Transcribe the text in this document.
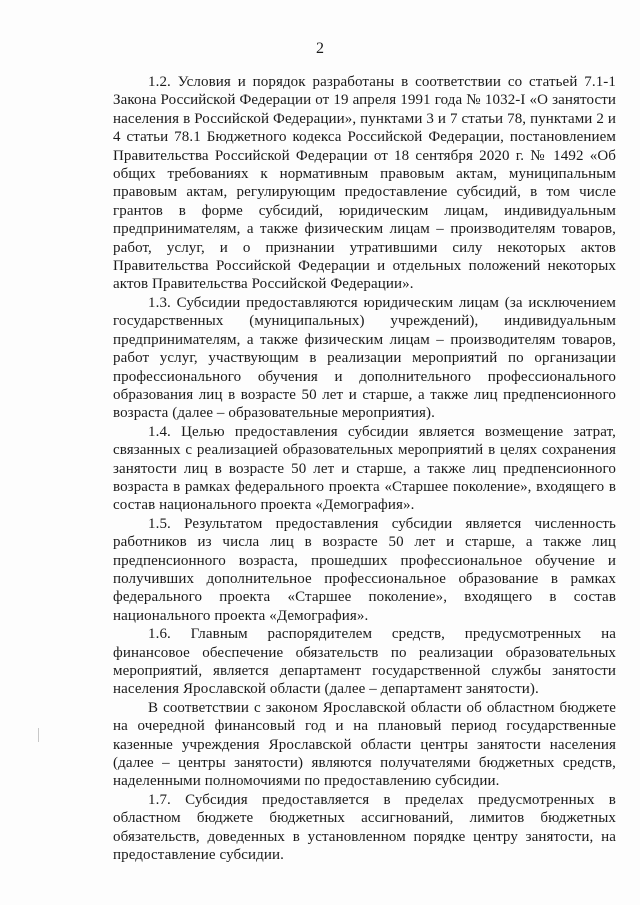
2

1.2. Условия и порядок разработаны в соответствии со статьей 7.1-1 Закона Российской Федерации от 19 апреля 1991 года № 1032-I «О занятости населения в Российской Федерации», пунктами 3 и 7 статьи 78, пунктами 2 и 4 статьи 78.1 Бюджетного кодекса Российской Федерации, постановлением Правительства Российской Федерации от 18 сентября 2020 г. № 1492 «Об общих требованиях к нормативным правовым актам, муниципальным правовым актам, регулирующим предоставление субсидий, в том числе грантов в форме субсидий, юридическим лицам, индивидуальным предпринимателям, а также физическим лицам – производителям товаров, работ, услуг, и о признании утратившими силу некоторых актов Правительства Российской Федерации и отдельных положений некоторых актов Правительства Российской Федерации».

1.3. Субсидии предоставляются юридическим лицам (за исключением государственных (муниципальных) учреждений), индивидуальным предпринимателям, а также физическим лицам – производителям товаров, работ услуг, участвующим в реализации мероприятий по организации профессионального обучения и дополнительного профессионального образования лиц в возрасте 50 лет и старше, а также лиц предпенсионного возраста (далее – образовательные мероприятия).

1.4. Целью предоставления субсидии является возмещение затрат, связанных с реализацией образовательных мероприятий в целях сохранения занятости лиц в возрасте 50 лет и старше, а также лиц предпенсионного возраста в рамках федерального проекта «Старшее поколение», входящего в состав национального проекта «Демография».

1.5. Результатом предоставления субсидии является численность работников из числа лиц в возрасте 50 лет и старше, а также лиц предпенсионного возраста, прошедших профессиональное обучение и получивших дополнительное профессиональное образование в рамках федерального проекта «Старшее поколение», входящего в состав национального проекта «Демография».

1.6. Главным распорядителем средств, предусмотренных на финансовое обеспечение обязательств по реализации образовательных мероприятий, является департамент государственной службы занятости населения Ярославской области (далее – департамент занятости).

В соответствии с законом Ярославской области об областном бюджете на очередной финансовый год и на плановый период государственные казенные учреждения Ярославской области центры занятости населения (далее – центры занятости) являются получателями бюджетных средств, наделенными полномочиями по предоставлению субсидии.

1.7. Субсидия предоставляется в пределах предусмотренных в областном бюджете бюджетных ассигнований, лимитов бюджетных обязательств, доведенных в установленном порядке центру занятости, на предоставление субсидии.
